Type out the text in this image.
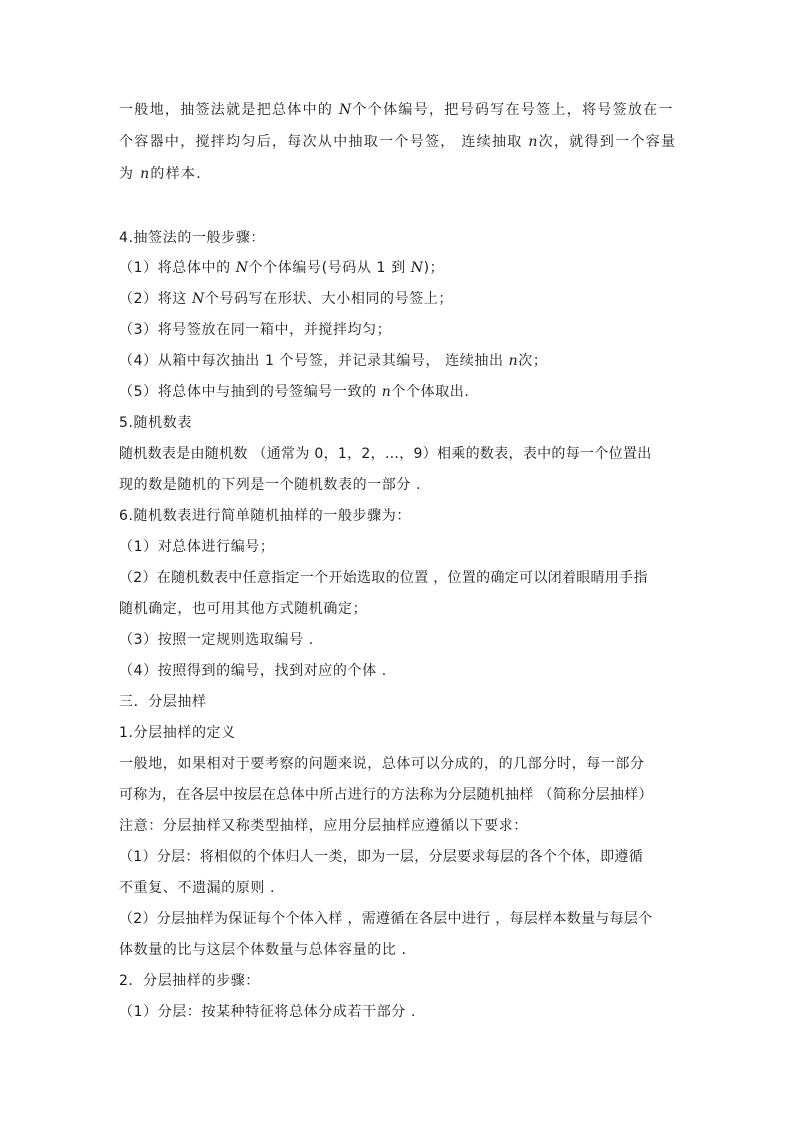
一般地，抽签法就是把总体中的 N个个体编号，把号码写在号签上，将号签放在一
个容器中，搅拌均匀后，每次从中抽取一个号签， 连续抽取 n次，就得到一个容量
为 n的样本.
4.抽签法的一般步骤：
（1）将总体中的 N个个体编号(号码从 1 到 N)；
（2）将这 N个号码写在形状、大小相同的号签上；
（3）将号签放在同一箱中，并搅拌均匀；
（4）从箱中每次抽出 1 个号签，并记录其编号， 连续抽出 n次；
（5）将总体中与抽到的号签编号一致的 n个个体取出.
5.随机数表
随机数表是由随机数 （通常为 0，1，2，…，9）相乘的数表，表中的每一个位置出
现的数是随机的下列是一个随机数表的一部分 .
6.随机数表进行简单随机抽样的一般步骤为：
（1）对总体进行编号；
（2）在随机数表中任意指定一个开始选取的位置 ，位置的确定可以闭着眼睛用手指
随机确定，也可用其他方式随机确定；
（3）按照一定规则选取编号 .
（4）按照得到的编号，找到对应的个体 .
三．分层抽样
1.分层抽样的定义
一般地，如果相对于要考察的问题来说，总体可以分成的，的几部分时，每一部分
可称为，在各层中按层在总体中所占进行的方法称为分层随机抽样 （简称分层抽样）
注意：分层抽样又称类型抽样，应用分层抽样应遵循以下要求：
（1）分层：将相似的个体归人一类，即为一层，分层要求每层的各个个体，即遵循
不重复、不遗漏的原则 .
（2）分层抽样为保证每个个体入样 ，需遵循在各层中进行 ，每层样本数量与每层个
体数量的比与这层个体数量与总体容量的比 .
2．分层抽样的步骤：
（1）分层：按某种特征将总体分成若干部分 .
